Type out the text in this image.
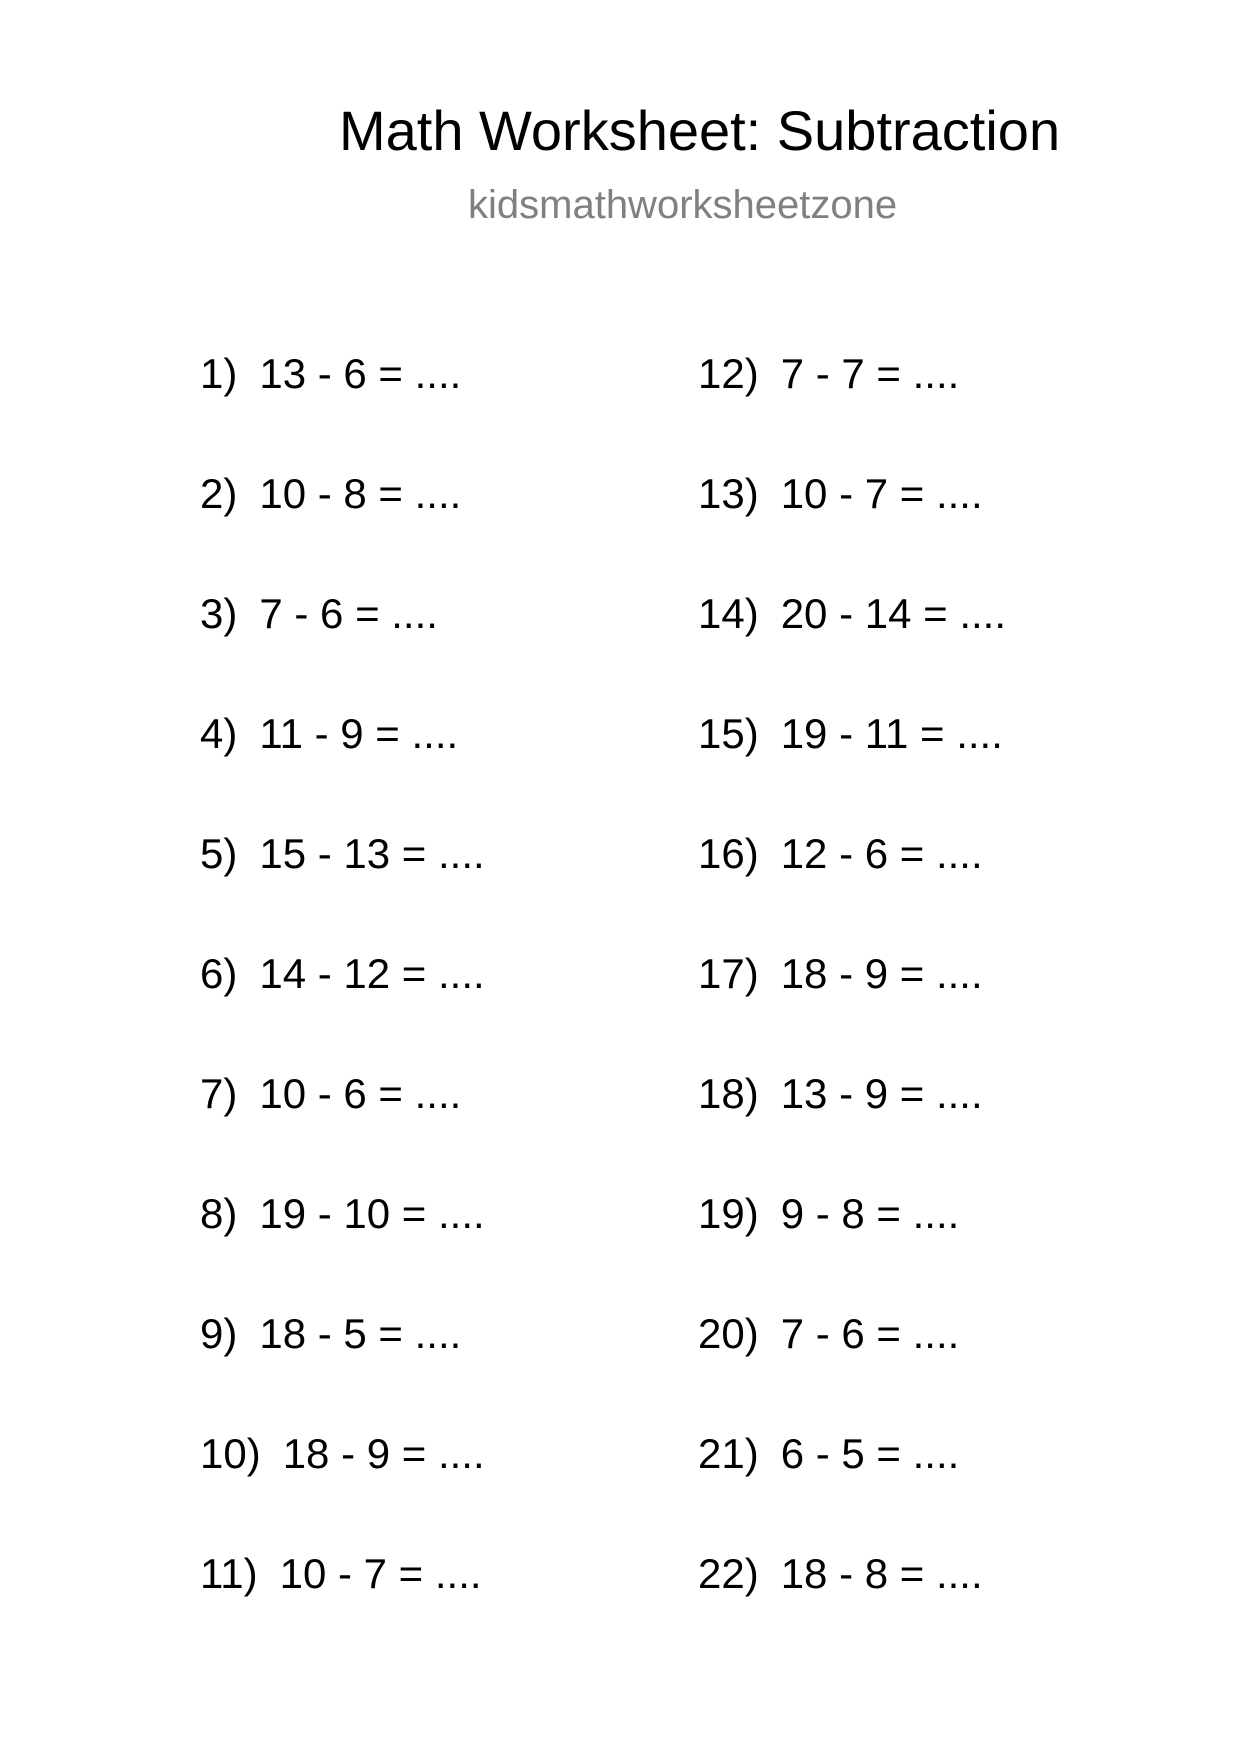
Math Worksheet: Subtraction
kidsmathworksheetzone
1) 13 - 6 = ....
2) 10 - 8 = ....
3) 7 - 6 = ....
4) 11 - 9 = ....
5) 15 - 13 = ....
6) 14 - 12 = ....
7) 10 - 6 = ....
8) 19 - 10 = ....
9) 18 - 5 = ....
10) 18 - 9 = ....
11) 10 - 7 = ....
12) 7 - 7 = ....
13) 10 - 7 = ....
14) 20 - 14 = ....
15) 19 - 11 = ....
16) 12 - 6 = ....
17) 18 - 9 = ....
18) 13 - 9 = ....
19) 9 - 8 = ....
20) 7 - 6 = ....
21) 6 - 5 = ....
22) 18 - 8 = ....
